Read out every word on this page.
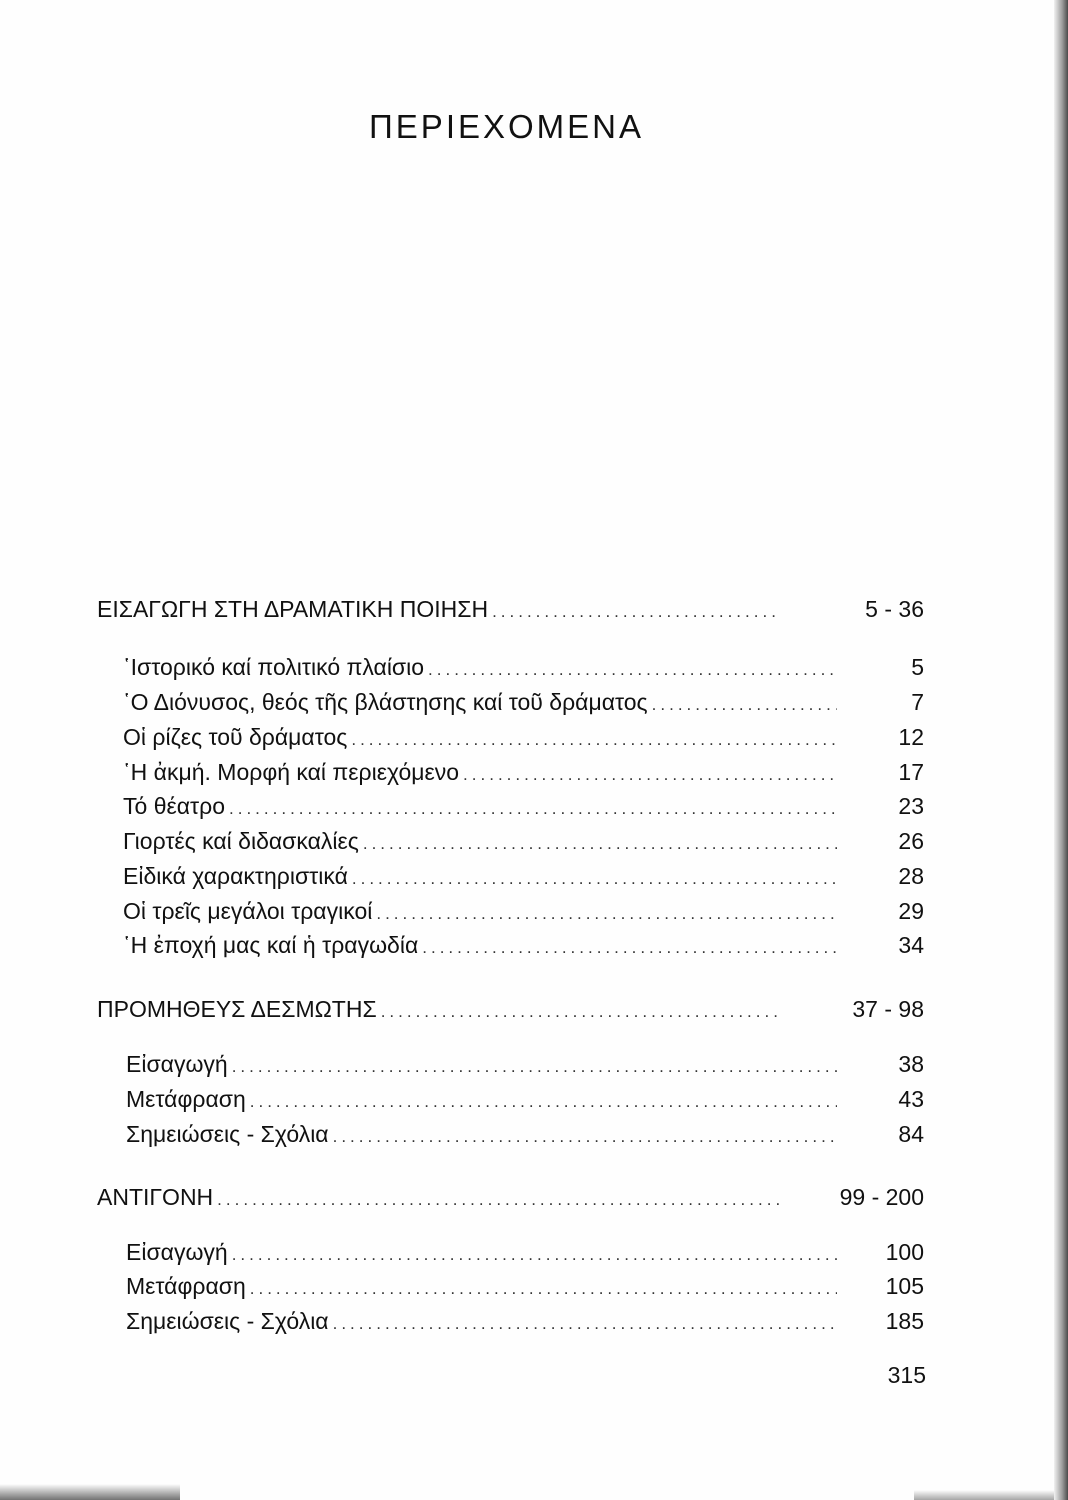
ΠΕΡΙΕΧΟΜΕΝΑ
ΕΙΣΑΓΩΓΗ ΣΤΗ ΔΡΑΜΑΤΙΚΗ ΠΟΙΗΣΗ .....	5 - 36
῾Ιστορικό καί πολιτικό πλαίσιο .....	5
῾Ο Διόνυσος, θεός τῆς βλάστησης καί τοῦ δράματος .....	7
Οἱ ρίζες τοῦ δράματος .....	12
῾Η ἀκμή. Μορφή καί περιεχόμενο .....	17
Τό θέατρο .....	23
Γιορτές καί διδασκαλίες .....	26
Εἰδικά χαρακτηριστικά .....	28
Οἱ τρεῖς μεγάλοι τραγικοί .....	29
῾Η ἐποχή μας καί ἡ τραγωδία .....	34
ΠΡΟΜΗΘΕΥΣ ΔΕΣΜΩΤΗΣ .....	37 - 98
Εἰσαγωγή .....	38
Μετάφραση .....	43
Σημειώσεις - Σχόλια .....	84
ΑΝΤΙΓΟΝΗ .....	99 - 200
Εἰσαγωγή .....	100
Μετάφραση .....	105
Σημειώσεις - Σχόλια .....	185
315
